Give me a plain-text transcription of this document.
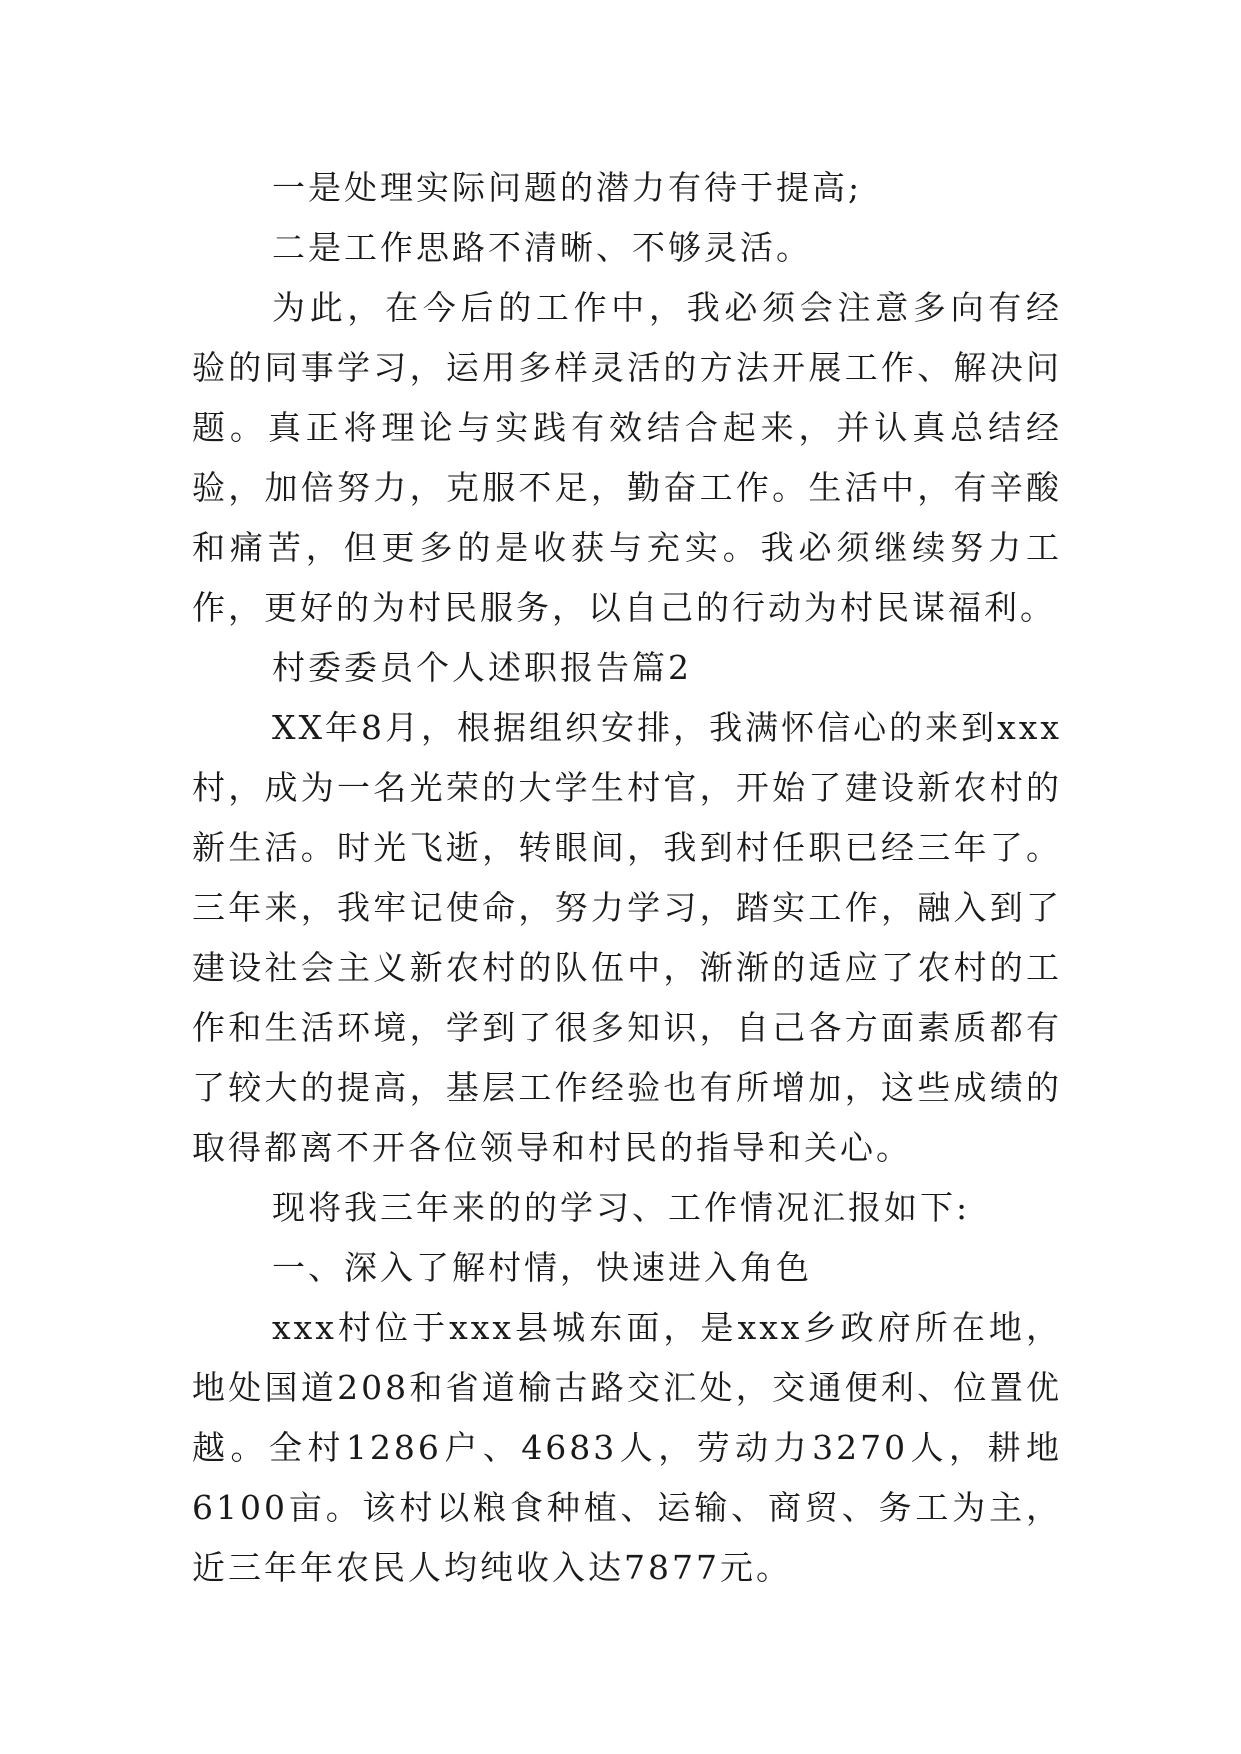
一是处理实际问题的潜力有待于提高;

二是工作思路不清晰、不够灵活。

为此，在今后的工作中，我必须会注意多向有经验的同事学习，运用多样灵活的方法开展工作、解决问题。真正将理论与实践有效结合起来，并认真总结经验，加倍努力，克服不足，勤奋工作。生活中，有辛酸和痛苦，但更多的是收获与充实。我必须继续努力工作，更好的为村民服务，以自己的行动为村民谋福利。

村委委员个人述职报告篇2

XX年8月，根据组织安排，我满怀信心的来到xxx村，成为一名光荣的大学生村官，开始了建设新农村的新生活。时光飞逝，转眼间，我到村任职已经三年了。三年来，我牢记使命，努力学习，踏实工作，融入到了建设社会主义新农村的队伍中，渐渐的适应了农村的工作和生活环境，学到了很多知识，自己各方面素质都有了较大的提高，基层工作经验也有所增加，这些成绩的取得都离不开各位领导和村民的指导和关心。

现将我三年来的的学习、工作情况汇报如下:

一、深入了解村情，快速进入角色

xxx村位于xxx县城东面，是xxx乡政府所在地，地处国道208和省道榆古路交汇处，交通便利、位置优越。全村1286户、4683人，劳动力3270人，耕地6100亩。该村以粮食种植、运输、商贸、务工为主，近三年年农民人均纯收入达7877元。
